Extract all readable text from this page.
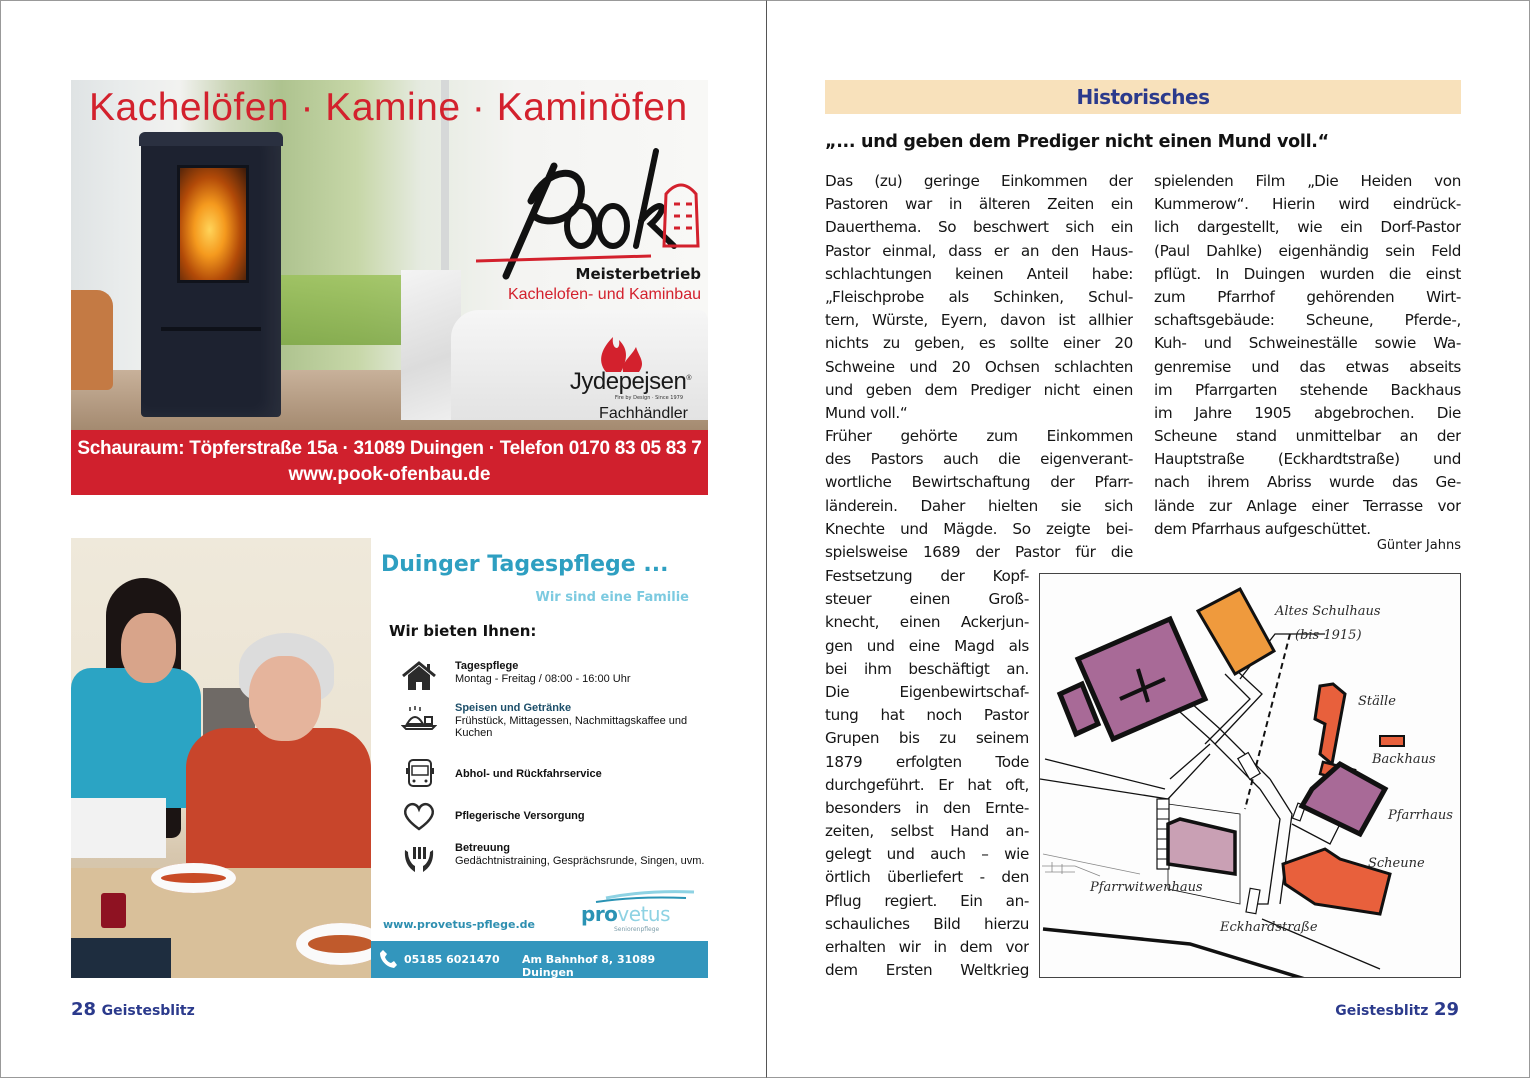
Kachelöfen · Kamine · Kaminöfen
Meisterbetrieb
Kachelofen- und Kaminbau
Jydepejsen®
Fire by Design · Since 1979
Fachhändler
Schauraum: Töpferstraße 15a · 31089 Duingen · Telefon 0170 83 05 83 7
www.pook-ofenbau.de
Duinger Tagespflege ...
Wir sind eine Familie
Wir bieten Ihnen:
Tagespflege
Montag - Freitag / 08:00 - 16:00 Uhr
Speisen und Getränke
Frühstück, Mittagessen, Nachmittagskaffee und Kuchen
Abhol- und Rückfahrservice
Pflegerische Versorgung
Betreuung
Gedächtnistraining, Gesprächsrunde, Singen, uvm.
www.provetus-pflege.de provetus
Seniorenpflege
05185 6021470 Am Bahnhof 8, 31089 Duingen
28 Geistesblitz
Historisches
„... und geben dem Prediger nicht einen Mund voll.“
Das (zu) geringe Einkommen der
Pastoren war in älteren Zeiten ein
Dauerthema. So beschwert sich ein
Pastor einmal, dass er an den Haus-
schlachtungen keinen Anteil habe:
„Fleischprobe als Schinken, Schul-
tern, Würste, Eyern, davon ist allhier
nichts zu geben, es sollte einer 20
Schweine und 20 Ochsen schlachten
und geben dem Prediger nicht einen
Mund voll.“
Früher gehörte zum Einkommen
des Pastors auch die eigenverant-
wortliche Bewirtschaftung der Pfarr-
länderein. Daher hielten sie sich
Knechte und Mägde. So zeigte bei-
spielsweise 1689 der Pastor für die
Festsetzung der Kopf-
steuer einen Groß-
knecht, einen Ackerjun-
gen und eine Magd als
bei ihm beschäftigt an.
Die Eigenbewirtschaf-
tung hat noch Pastor
Grupen bis zu seinem
1879 erfolgten Tode
durchgeführt. Er hat oft,
besonders in den Ernte-
zeiten, selbst Hand an-
gelegt und auch – wie
örtlich überliefert - den
Pflug regiert. Ein an-
schauliches Bild hierzu
erhalten wir in dem vor
dem Ersten Weltkrieg
spielenden Film „Die Heiden von
Kummerow“. Hierin wird eindrück-
lich dargestellt, wie ein Dorf-Pastor
(Paul Dahlke) eigenhändig sein Feld
pflügt. In Duingen wurden die einst
zum Pfarrhof gehörenden Wirt-
schaftsgebäude: Scheune, Pferde-,
Kuh- und Schweineställe sowie Wa-
genremise und das etwas abseits
im Pfarrgarten stehende Backhaus
im Jahre 1905 abgebrochen. Die
Scheune stand unmittelbar an der
Hauptstraße (Eckhardtstraße) und
nach ihrem Abriss wurde das Ge-
lände zur Anlage einer Terrasse vor
dem Pfarrhaus aufgeschüttet.
Günter Jahns
Altes Schulhaus
(bis 1915)
Ställe
Backhaus
Pfarrhaus
Scheune
Pfarrwitwenhaus
Eckhardstraße
Geistesblitz 29
